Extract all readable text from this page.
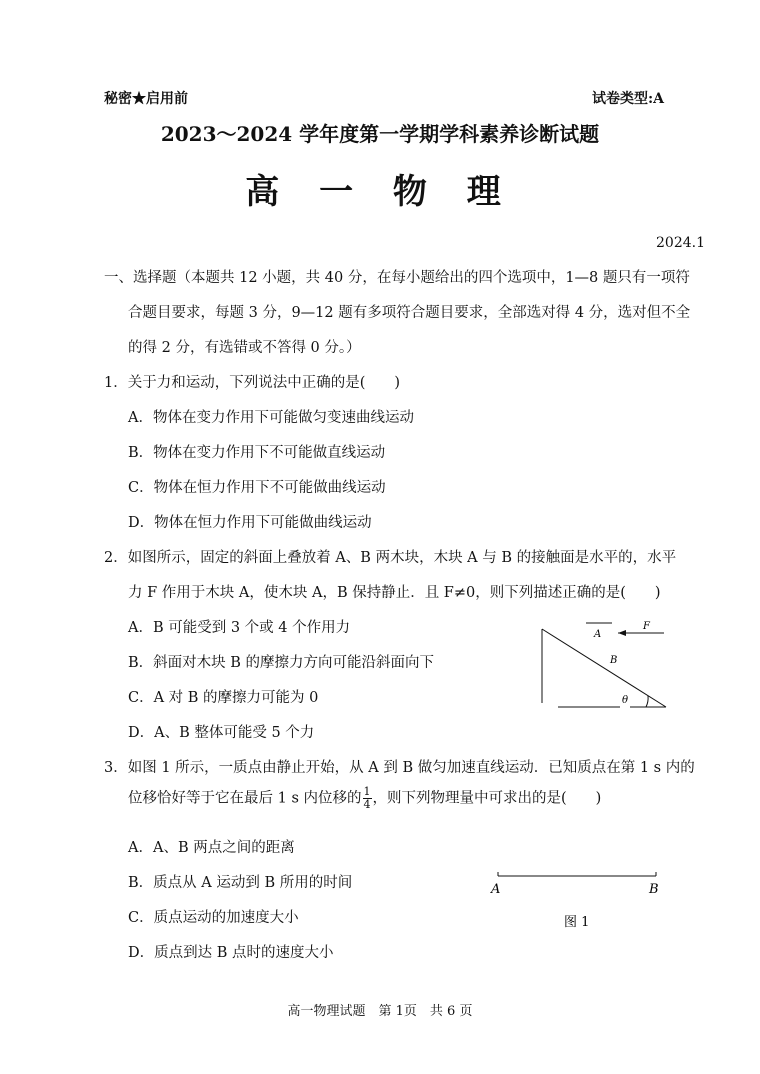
秘密★启用前	试卷类型:A
2023～2024 学年度第一学期学科素养诊断试题
高 一 物 理
2024.1
一、选择题（本题共 12 小题，共 40 分，在每小题给出的四个选项中，1—8 题只有一项符
合题目要求，每题 3 分，9—12 题有多项符合题目要求，全部选对得 4 分，选对但不全
的得 2 分，有选错或不答得 0 分。）
1．关于力和运动，下列说法中正确的是(　　)
A．物体在变力作用下可能做匀变速曲线运动
B．物体在变力作用下不可能做直线运动
C．物体在恒力作用下不可能做曲线运动
D．物体在恒力作用下可能做曲线运动
2．如图所示，固定的斜面上叠放着 A、B 两木块，木块 A 与 B 的接触面是水平的，水平
力 F 作用于木块 A，使木块 A，B 保持静止．且 F≠0，则下列描述正确的是(　　)
A．B 可能受到 3 个或 4 个作用力
B．斜面对木块 B 的摩擦力方向可能沿斜面向下
C．A 对 B 的摩擦力可能为 0
D．A、B 整体可能受 5 个力
A
F
B
θ
3．如图 1 所示，一质点由静止开始，从 A 到 B 做匀加速直线运动．已知质点在第 1 s 内的
位移恰好等于它在最后 1 s 内位移的 $\frac{1}{4}$ ，则下列物理量中可求出的是(　　)
A．A、B 两点之间的距离
B．质点从 A 运动到 B 所用的时间
C．质点运动的加速度大小
D．质点到达 B 点时的速度大小
A	B
图 1
高一物理试题　第 1页　共 6 页
